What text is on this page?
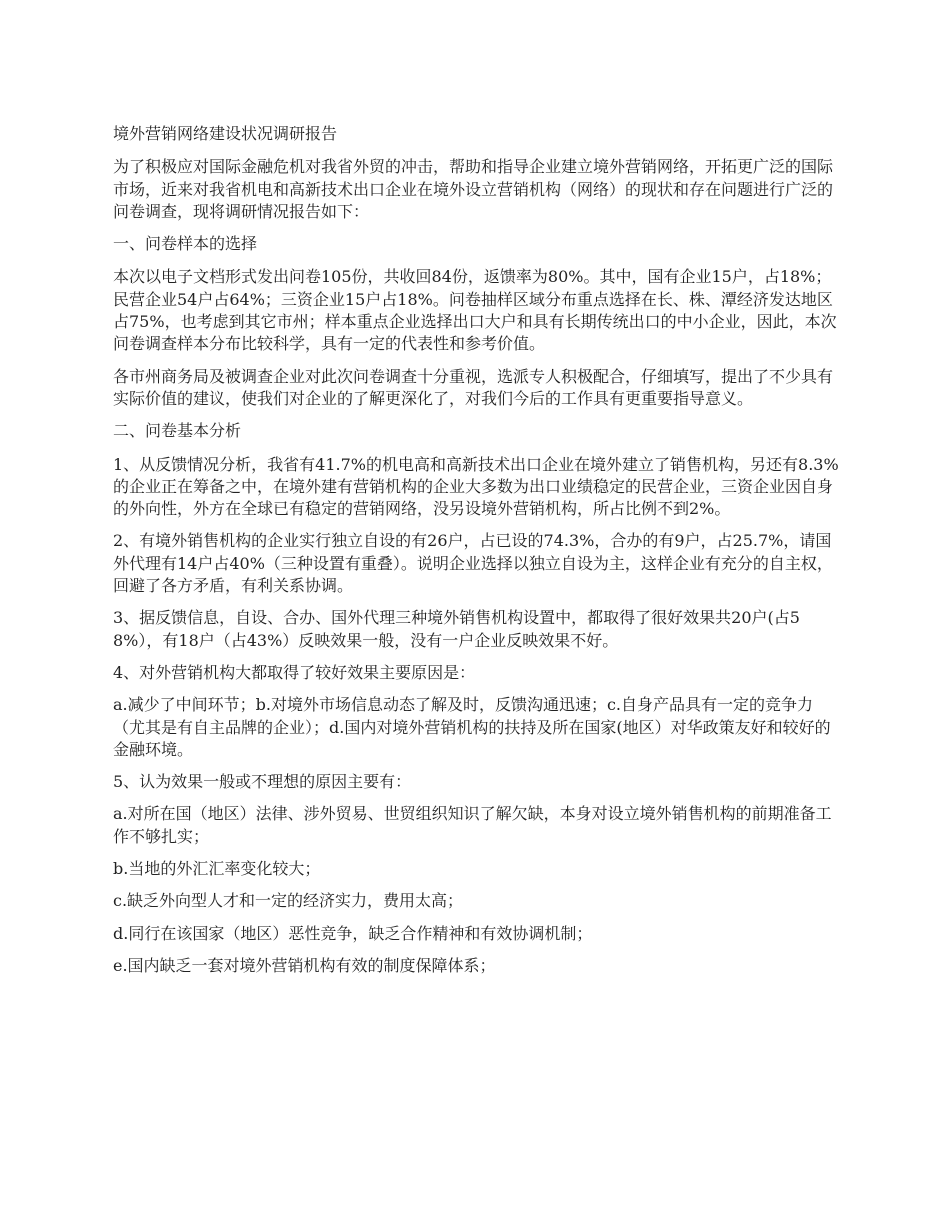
境外营销网络建设状况调研报告

为了积极应对国际金融危机对我省外贸的冲击，帮助和指导企业建立境外营销网络，开拓更广泛的国际市场，近来对我省机电和高新技术出口企业在境外设立营销机构（网络）的现状和存在问题进行广泛的问卷调查，现将调研情况报告如下：

一、问卷样本的选择

本次以电子文档形式发出问卷105份，共收回84份，返馈率为80%。其中，国有企业15户，占18%；民营企业54户占64%；三资企业15户占18%。问卷抽样区域分布重点选择在长、株、潭经济发达地区占75%，也考虑到其它市州；样本重点企业选择出口大户和具有长期传统出口的中小企业，因此，本次问卷调查样本分布比较科学，具有一定的代表性和参考价值。

各市州商务局及被调查企业对此次问卷调查十分重视，选派专人积极配合，仔细填写，提出了不少具有实际价值的建议，使我们对企业的了解更深化了，对我们今后的工作具有更重要指导意义。

二、问卷基本分析

1、从反馈情况分析，我省有41.7%的机电高和高新技术出口企业在境外建立了销售机构，另还有8.3%的企业正在筹备之中，在境外建有营销机构的企业大多数为出口业绩稳定的民营企业，三资企业因自身的外向性，外方在全球已有稳定的营销网络，没另设境外营销机构，所占比例不到2%。

2、有境外销售机构的企业实行独立自设的有26户，占已设的74.3%，合办的有9户，占25.7%，请国外代理有14户占40%（三种设置有重叠）。说明企业选择以独立自设为主，这样企业有充分的自主权，回避了各方矛盾，有利关系协调。

3、据反馈信息，自设、合办、国外代理三种境外销售机构设置中，都取得了很好效果共20户(占58%），有18户（占43%）反映效果一般，没有一户企业反映效果不好。

4、对外营销机构大都取得了较好效果主要原因是：

a.减少了中间环节；b.对境外市场信息动态了解及时，反馈沟通迅速；c.自身产品具有一定的竞争力（尤其是有自主品牌的企业）；d.国内对境外营销机构的扶持及所在国家(地区）对华政策友好和较好的金融环境。

5、认为效果一般或不理想的原因主要有：

a.对所在国（地区）法律、涉外贸易、世贸组织知识了解欠缺，本身对设立境外销售机构的前期准备工作不够扎实；

b.当地的外汇汇率变化较大；

c.缺乏外向型人才和一定的经济实力，费用太高；

d.同行在该国家（地区）恶性竞争，缺乏合作精神和有效协调机制；

e.国内缺乏一套对境外营销机构有效的制度保障体系；
